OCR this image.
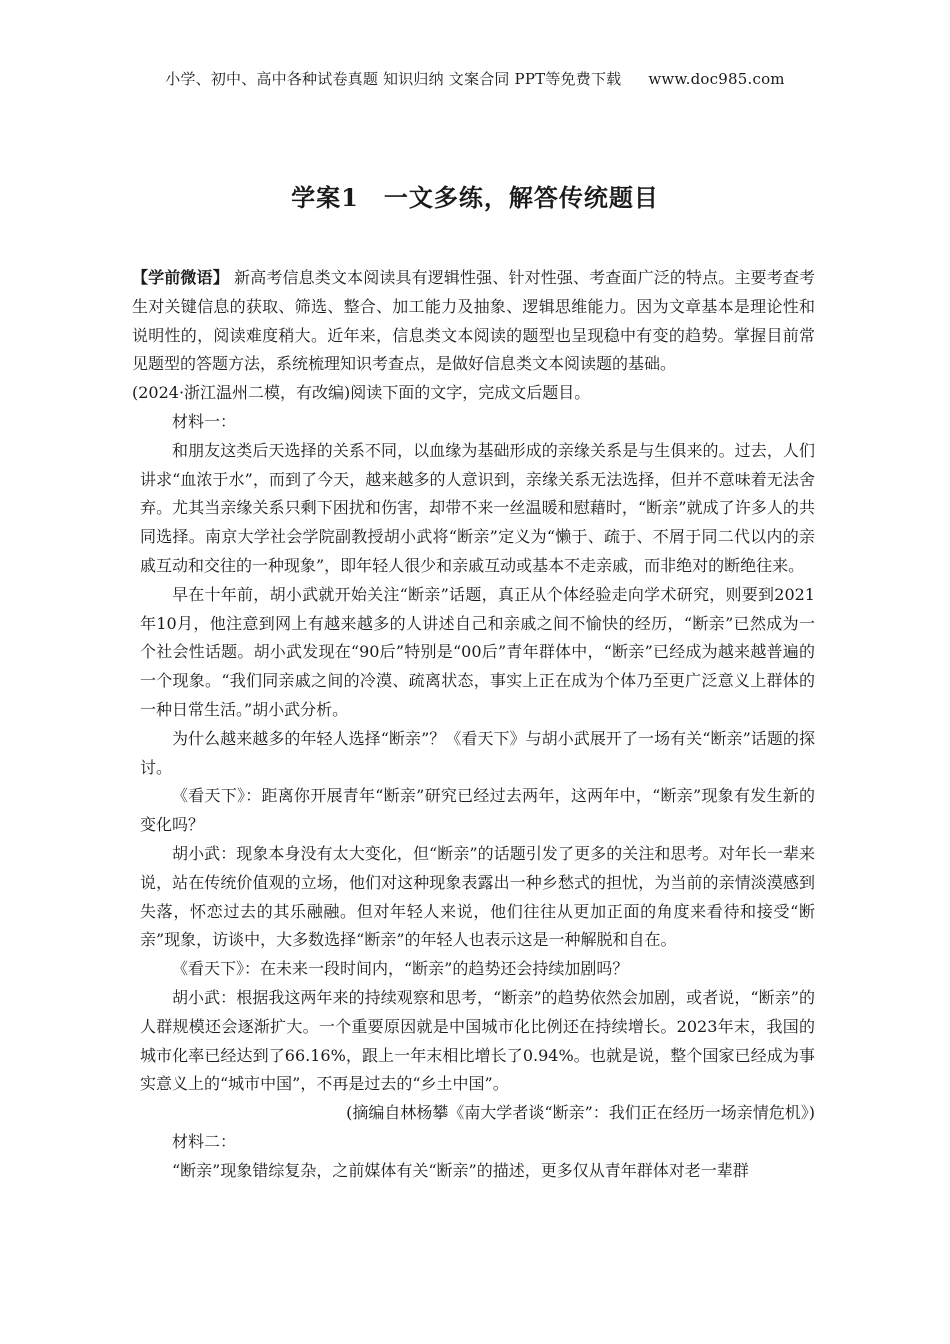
小学、初中、高中各种试卷真题 知识归纳 文案合同 PPT等免费下载 www.doc985.com
学案1　一文多练，解答传统题目

【学前微语】 新高考信息类文本阅读具有逻辑性强、针对性强、考查面广泛的特点。主要考查考生对关键信息的获取、筛选、整合、加工能力及抽象、逻辑思维能力。因为文章基本是理论性和说明性的，阅读难度稍大。近年来，信息类文本阅读的题型也呈现稳中有变的趋势。掌握目前常见题型的答题方法，系统梳理知识考查点，是做好信息类文本阅读题的基础。

(2024·浙江温州二模，有改编)阅读下面的文字，完成文后题目。

材料一：

和朋友这类后天选择的关系不同，以血缘为基础形成的亲缘关系是与生俱来的。过去，人们讲求“血浓于水”，而到了今天，越来越多的人意识到，亲缘关系无法选择，但并不意味着无法舍弃。尤其当亲缘关系只剩下困扰和伤害，却带不来一丝温暖和慰藉时，“断亲”就成了许多人的共同选择。南京大学社会学院副教授胡小武将“断亲”定义为“懒于、疏于、不屑于同二代以内的亲戚互动和交往的一种现象”，即年轻人很少和亲戚互动或基本不走亲戚，而非绝对的断绝往来。

早在十年前，胡小武就开始关注“断亲”话题，真正从个体经验走向学术研究，则要到2021年10月，他注意到网上有越来越多的人讲述自己和亲戚之间不愉快的经历，“断亲”已然成为一个社会性话题。胡小武发现在“90后”特别是“00后”青年群体中，“断亲”已经成为越来越普遍的一个现象。“我们同亲戚之间的冷漠、疏离状态，事实上正在成为个体乃至更广泛意义上群体的一种日常生活。”胡小武分析。

为什么越来越多的年轻人选择“断亲”？《看天下》与胡小武展开了一场有关“断亲”话题的探讨。

《看天下》：距离你开展青年“断亲”研究已经过去两年，这两年中，“断亲”现象有发生新的变化吗？

胡小武：现象本身没有太大变化，但“断亲”的话题引发了更多的关注和思考。对年长一辈来说，站在传统价值观的立场，他们对这种现象表露出一种乡愁式的担忧，为当前的亲情淡漠感到失落，怀恋过去的其乐融融。但对年轻人来说，他们往往从更加正面的角度来看待和接受“断亲”现象，访谈中，大多数选择“断亲”的年轻人也表示这是一种解脱和自在。

《看天下》：在未来一段时间内，“断亲”的趋势还会持续加剧吗？

胡小武：根据我这两年来的持续观察和思考，“断亲”的趋势依然会加剧，或者说，“断亲”的人群规模还会逐渐扩大。一个重要原因就是中国城市化比例还在持续增长。2023年末，我国的城市化率已经达到了66.16%，跟上一年末相比增长了0.94%。也就是说，整个国家已经成为事实意义上的“城市中国”，不再是过去的“乡土中国”。

(摘编自林杨攀《南大学者谈“断亲”：我们正在经历一场亲情危机》)

材料二：

“断亲”现象错综复杂，之前媒体有关“断亲”的描述，更多仅从青年群体对老一辈群
